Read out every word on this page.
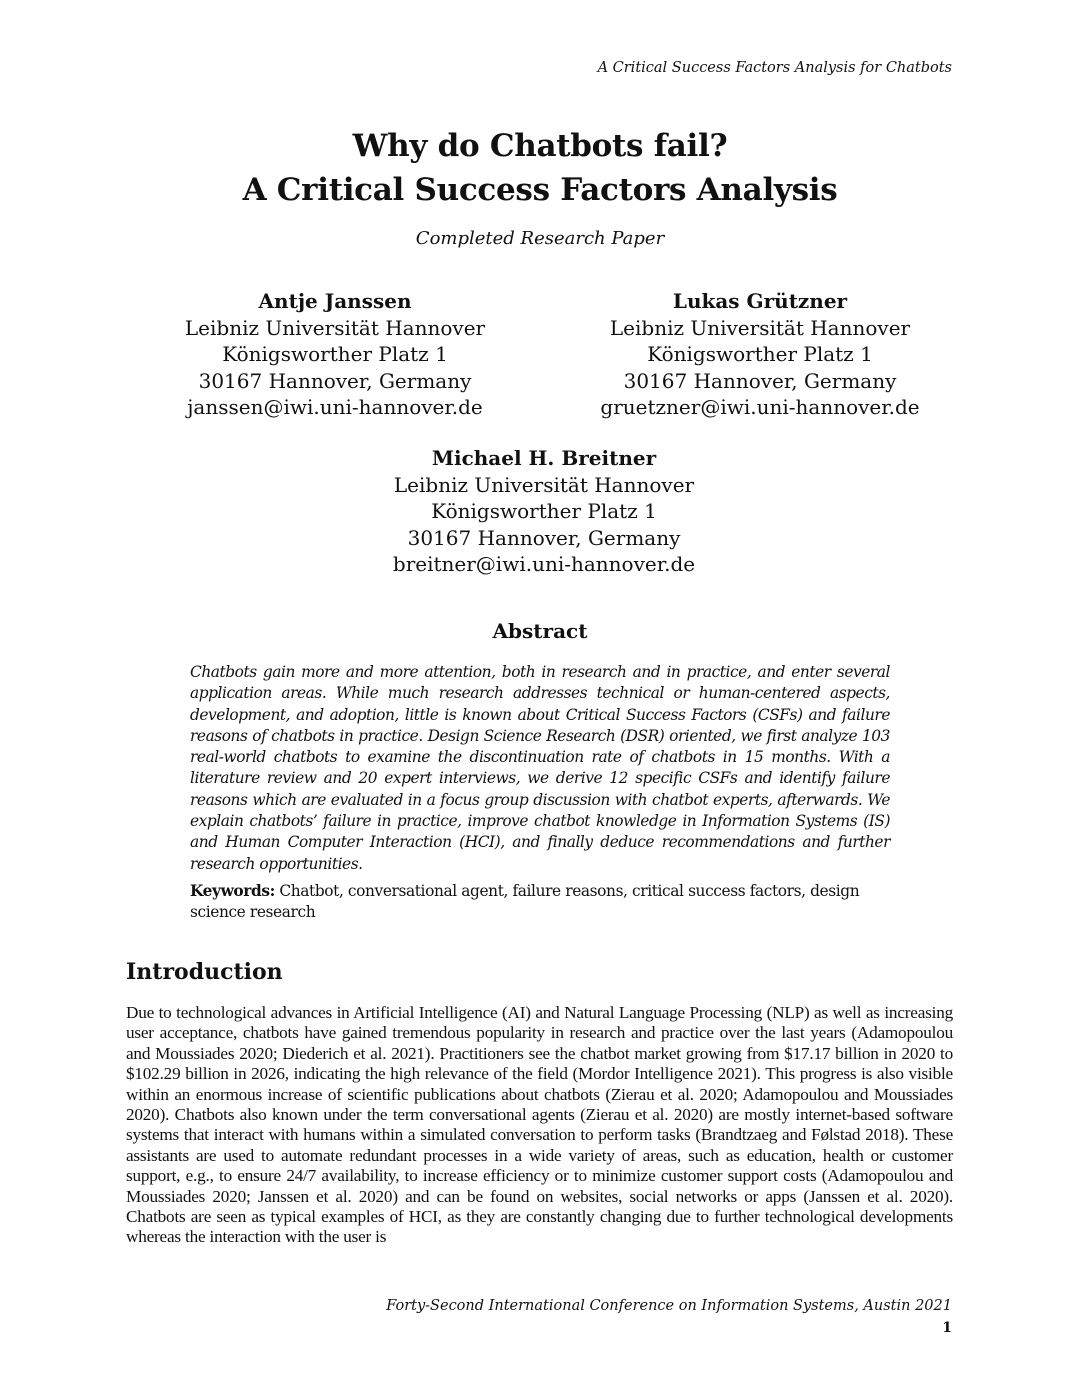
A Critical Success Factors Analysis for Chatbots
Why do Chatbots fail?
A Critical Success Factors Analysis
Completed Research Paper
Antje Janssen
Leibniz Universität Hannover
Königsworther Platz 1
30167 Hannover, Germany
janssen@iwi.uni-hannover.de
Lukas Grützner
Leibniz Universität Hannover
Königsworther Platz 1
30167 Hannover, Germany
gruetzner@iwi.uni-hannover.de
Michael H. Breitner
Leibniz Universität Hannover
Königsworther Platz 1
30167 Hannover, Germany
breitner@iwi.uni-hannover.de
Abstract
Chatbots gain more and more attention, both in research and in practice, and enter several application areas. While much research addresses technical or human-centered aspects, development, and adoption, little is known about Critical Success Factors (CSFs) and failure reasons of chatbots in practice. Design Science Research (DSR) oriented, we first analyze 103 real-world chatbots to examine the discontinuation rate of chatbots in 15 months. With a literature review and 20 expert interviews, we derive 12 specific CSFs and identify failure reasons which are evaluated in a focus group discussion with chatbot experts, afterwards. We explain chatbots’ failure in practice, improve chatbot knowledge in Information Systems (IS) and Human Computer Interaction (HCI), and finally deduce recommendations and further research opportunities.
Keywords: Chatbot, conversational agent, failure reasons, critical success factors, design science research
Introduction
Due to technological advances in Artificial Intelligence (AI) and Natural Language Processing (NLP) as well as increasing user acceptance, chatbots have gained tremendous popularity in research and practice over the last years (Adamopoulou and Moussiades 2020; Diederich et al. 2021). Practitioners see the chatbot market growing from $17.17 billion in 2020 to $102.29 billion in 2026, indicating the high relevance of the field (Mordor Intelligence 2021). This progress is also visible within an enormous increase of scientific publications about chatbots (Zierau et al. 2020; Adamopoulou and Moussiades 2020). Chatbots also known under the term conversational agents (Zierau et al. 2020) are mostly internet-based software systems that interact with humans within a simulated conversation to perform tasks (Brandtzaeg and Følstad 2018). These assistants are used to automate redundant processes in a wide variety of areas, such as education, health or customer support, e.g., to ensure 24/7 availability, to increase efficiency or to minimize customer support costs (Adamopoulou and Moussiades 2020; Janssen et al. 2020) and can be found on websites, social networks or apps (Janssen et al. 2020). Chatbots are seen as typical examples of HCI, as they are constantly changing due to further technological developments whereas the interaction with the user is
Forty-Second International Conference on Information Systems, Austin 2021
1
